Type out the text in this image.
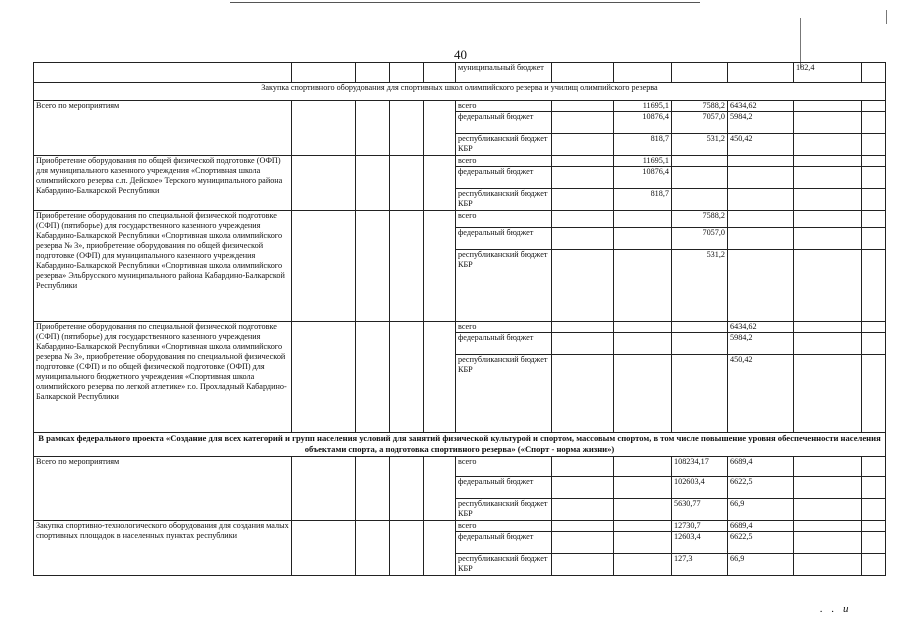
40
					муниципальный бюджет					182,4	
Закупка спортивного оборудования для спортивных школ олимпийского резерва и училищ олимпийского резерва											
Всего по мероприятиям					всего		11695,1	7588,2	6434,62		
					федеральный бюджет		10876,4	7057,0	5984,2		
					республиканский бюджет КБР		818,7	531,2	450,42		
Приобретение оборудования по общей физической подготовке (ОФП) для муниципального казенного учреждения «Спортивная школа олимпийского резерва с.п. Дейское» Терского муниципального района Кабардино-Балкарской Республики					всего		11695,1				
					федеральный бюджет		10876,4				
					республиканский бюджет КБР		818,7				
Приобретение оборудования по специальной физической подготовке (СФП) (пятиборье) для государственного казенного учреждения Кабардино-Балкарской Республики «Спортивная школа олимпийского резерва № 3», приобретение оборудования по общей физической подготовке (ОФП) для муниципального казенного учреждения Кабардино-Балкарской Республики «Спортивная школа олимпийского резерва» Эльбрусского муниципального района Кабардино-Балкарской Республики					всего			7588,2			
					федеральный бюджет			7057,0			
					республиканский бюджет КБР			531,2			
Приобретение оборудования по специальной физической подготовке (СФП) (пятиборье) для государственного казенного учреждения Кабардино-Балкарской Республики «Спортивная школа олимпийского резерва № 3», приобретение оборудования по специальной физической подготовке (СФП) и по общей физической подготовке (ОФП) для муниципального бюджетного учреждения «Спортивная школа олимпийского резерва по легкой атлетике» г.о. Прохладный Кабардино-Балкарской Республики					всего				6434,62		
					федеральный бюджет				5984,2		
					республиканский бюджет КБР				450,42		
В рамках федерального проекта «Создание для всех категорий и групп населения условий для занятий физической культурой и спортом, массовым спортом, в том числе повышение уровня обеспеченности населения объектами спорта, а подготовка спортивного резерва» («Спорт - норма жизни»)											
Всего по мероприятиям					всего			108234,17	6689,4		
					федеральный бюджет			102603,4	6622,5		
					республиканский бюджет КБР			5630,77	66,9		
Закупка спортивно-технологического оборудования для создания малых спортивных площадок в населенных пунктах республики					всего			12730,7	6689,4		
					федеральный бюджет			12603,4	6622,5		
					республиканский бюджет КБР			127,3	66,9		
. . и
